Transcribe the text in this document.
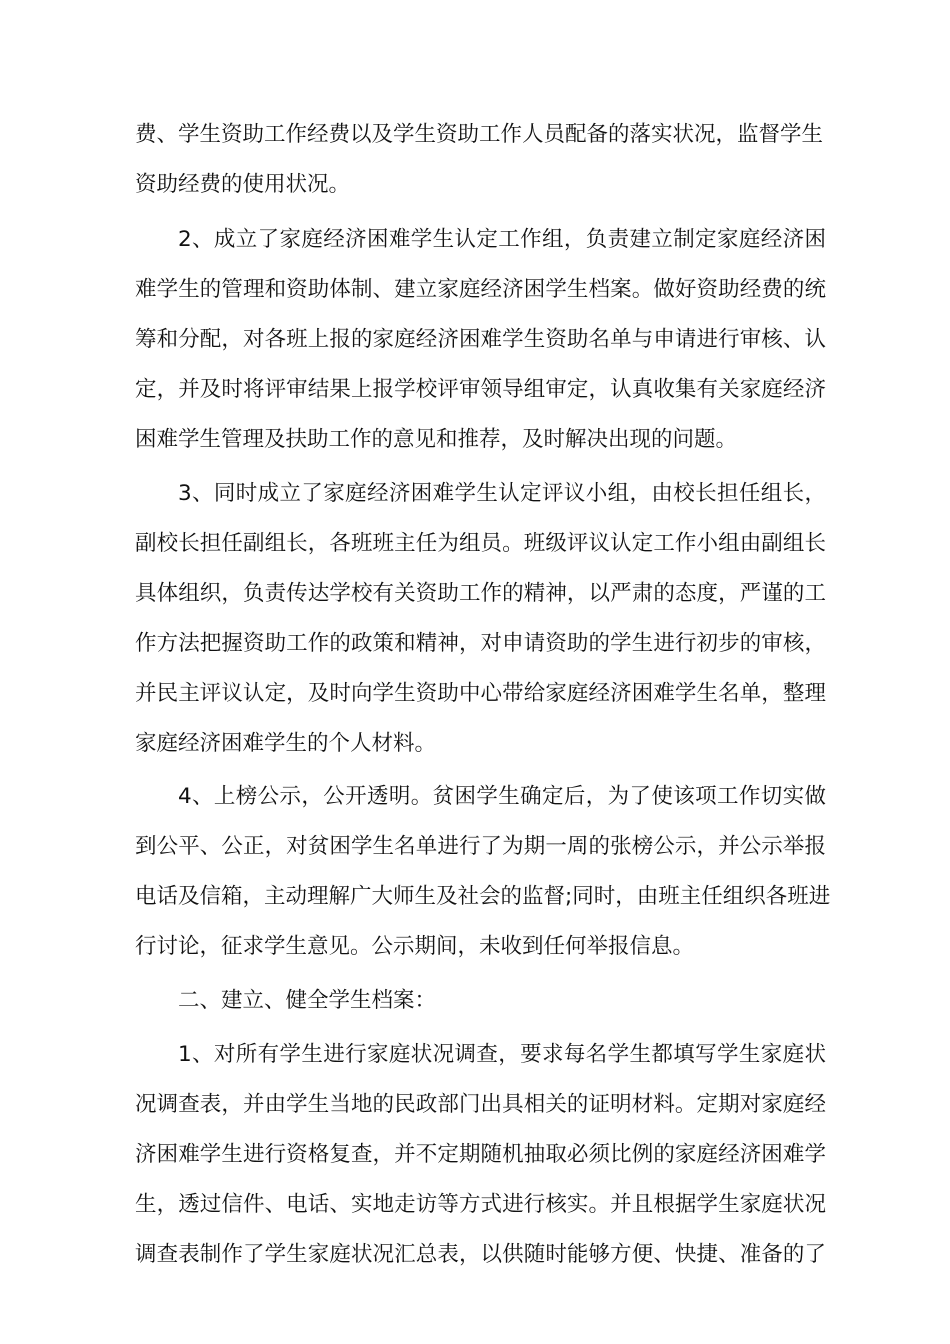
费、学生资助工作经费以及学生资助工作人员配备的落实状况，监督学生
资助经费的使用状况。
2、成立了家庭经济困难学生认定工作组，负责建立制定家庭经济困
难学生的管理和资助体制、建立家庭经济困学生档案。做好资助经费的统
筹和分配，对各班上报的家庭经济困难学生资助名单与申请进行审核、认
定，并及时将评审结果上报学校评审领导组审定，认真收集有关家庭经济
困难学生管理及扶助工作的意见和推荐，及时解决出现的问题。
3、同时成立了家庭经济困难学生认定评议小组，由校长担任组长，
副校长担任副组长，各班班主任为组员。班级评议认定工作小组由副组长
具体组织，负责传达学校有关资助工作的精神，以严肃的态度，严谨的工
作方法把握资助工作的政策和精神，对申请资助的学生进行初步的审核，
并民主评议认定，及时向学生资助中心带给家庭经济困难学生名单，整理
家庭经济困难学生的个人材料。
4、上榜公示，公开透明。贫困学生确定后，为了使该项工作切实做
到公平、公正，对贫困学生名单进行了为期一周的张榜公示，并公示举报
电话及信箱，主动理解广大师生及社会的监督;同时，由班主任组织各班进
行讨论，征求学生意见。公示期间，未收到任何举报信息。
二、建立、健全学生档案：
1、对所有学生进行家庭状况调查，要求每名学生都填写学生家庭状
况调查表，并由学生当地的民政部门出具相关的证明材料。定期对家庭经
济困难学生进行资格复查，并不定期随机抽取必须比例的家庭经济困难学
生，透过信件、电话、实地走访等方式进行核实。并且根据学生家庭状况
调查表制作了学生家庭状况汇总表，以供随时能够方便、快捷、准备的了
